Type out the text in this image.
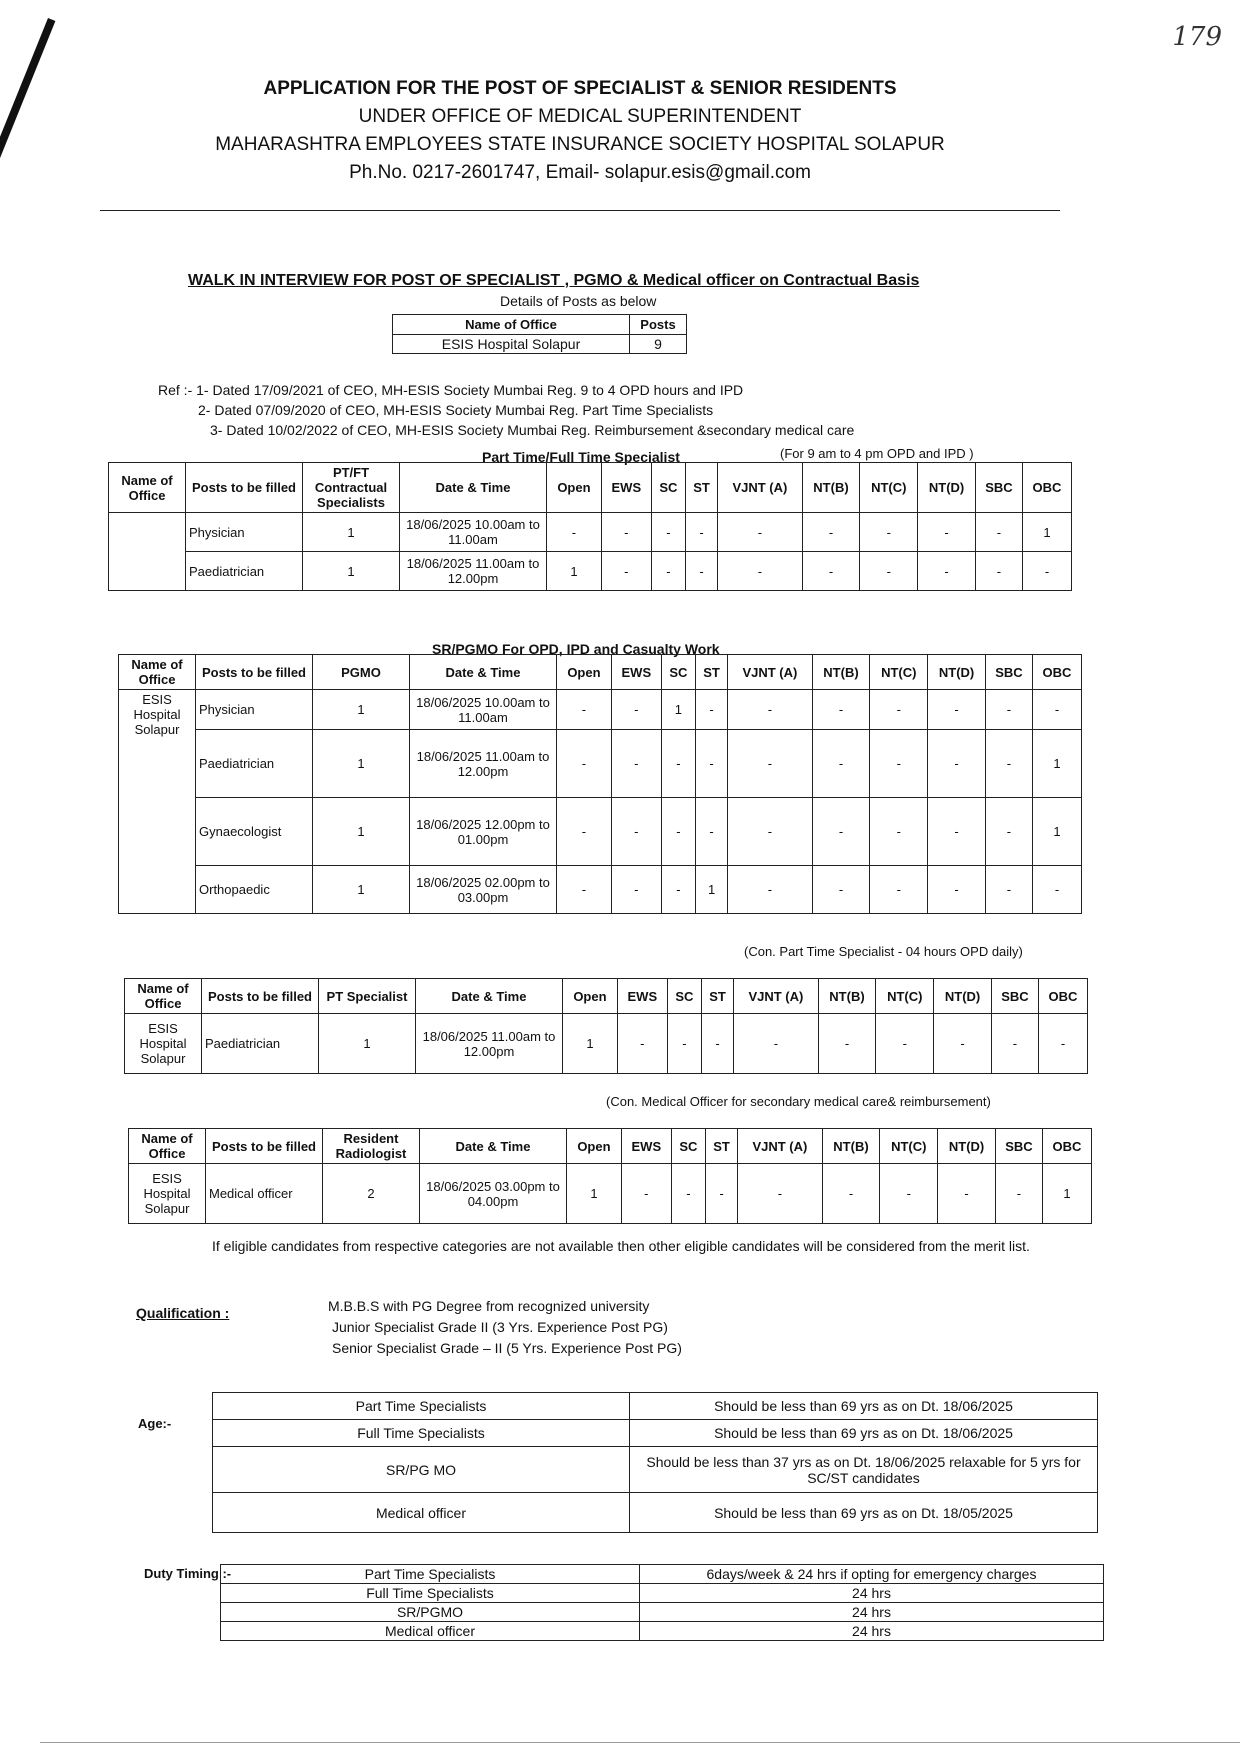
179
APPLICATION FOR THE POST OF SPECIALIST & SENIOR RESIDENTS
UNDER OFFICE OF MEDICAL SUPERINTENDENT
MAHARASHTRA EMPLOYEES STATE INSURANCE SOCIETY HOSPITAL SOLAPUR
Ph.No. 0217-2601747, Email- solapur.esis@gmail.com
WALK IN INTERVIEW FOR POST OF SPECIALIST , PGMO & Medical officer on Contractual Basis
Details of Posts as below
Name of Office	Posts
ESIS Hospital Solapur	9
Ref :- 1- Dated 17/09/2021 of CEO, MH-ESIS Society Mumbai Reg. 9 to 4 OPD hours and IPD
2- Dated 07/09/2020 of CEO, MH-ESIS Society Mumbai Reg. Part Time Specialists
3- Dated 10/02/2022 of CEO, MH-ESIS Society Mumbai Reg. Reimbursement &secondary medical care
Part Time/Full Time Specialist	(For 9 am to 4 pm OPD and IPD )
Name of Office	Posts to be filled	PT/FT Contractual Specialists	Date & Time	Open	EWS	SC	ST	VJNT (A)	NT(B)	NT(C)	NT(D)	SBC	OBC
	Physician	1	18/06/2025 10.00am to 11.00am	-	-	-	-	-	-	-	-	-	1
	Paediatrician	1	18/06/2025 11.00am to 12.00pm	1	-	-	-	-	-	-	-	-	-
SR/PGMO For OPD, IPD and Casualty Work
Name of Office	Posts to be filled	PGMO	Date & Time	Open	EWS	SC	ST	VJNT (A)	NT(B)	NT(C)	NT(D)	SBC	OBC
ESIS Hospital Solapur	Physician	1	18/06/2025 10.00am to 11.00am	-	-	1	-	-	-	-	-	-	-
	Paediatrician	1	18/06/2025 11.00am to 12.00pm	-	-	-	-	-	-	-	-	-	1
	Gynaecologist	1	18/06/2025 12.00pm to 01.00pm	-	-	-	-	-	-	-	-	-	1
	Orthopaedic	1	18/06/2025 02.00pm to 03.00pm	-	-	-	1	-	-	-	-	-	-
(Con. Part Time Specialist - 04 hours OPD daily)
Name of Office	Posts to be filled	PT Specialist	Date & Time	Open	EWS	SC	ST	VJNT (A)	NT(B)	NT(C)	NT(D)	SBC	OBC
ESIS Hospital Solapur	Paediatrician	1	18/06/2025 11.00am to 12.00pm	1	-	-	-	-	-	-	-	-	-
(Con. Medical Officer for secondary medical care& reimbursement)
Name of Office	Posts to be filled	Resident Radiologist	Date & Time	Open	EWS	SC	ST	VJNT (A)	NT(B)	NT(C)	NT(D)	SBC	OBC
ESIS Hospital Solapur	Medical officer	2	18/06/2025 03.00pm to 04.00pm	1	-	-	-	-	-	-	-	-	1
If eligible candidates from respective categories are not available then other eligible candidates will be considered from the merit list.
Qualification :	M.B.B.S with PG Degree from recognized university
Junior Specialist Grade II (3 Yrs. Experience Post PG)
Senior Specialist Grade – II (5 Yrs. Experience Post PG)
Age:-
Part Time Specialists	Should be less than 69 yrs as on Dt. 18/06/2025
Full Time Specialists	Should be less than 69 yrs as on Dt. 18/06/2025
SR/PG MO	Should be less than 37 yrs as on Dt. 18/06/2025 relaxable for 5 yrs for SC/ST candidates
Medical officer	Should be less than 69 yrs as on Dt. 18/05/2025
Duty Timing :-	Part Time Specialists	6days/week & 24 hrs if opting for emergency charges
Full Time Specialists	24 hrs
SR/PGMO	24 hrs
Medical officer	24 hrs
